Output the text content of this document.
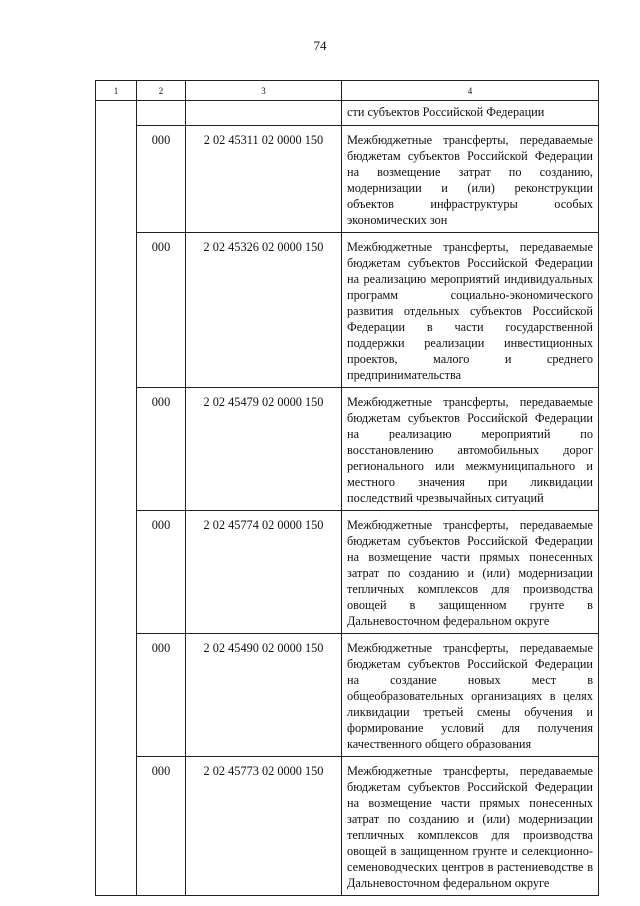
74
1	2	3	4
			сти субъектов Российской Федерации
	000	2 02 45311 02 0000 150	Межбюджетные трансферты, передаваемые бюджетам субъектов Российской Федерации на возмещение затрат по созданию, модернизации и (или) реконструкции объектов инфраструктуры особых экономических зон
	000	2 02 45326 02 0000 150	Межбюджетные трансферты, передаваемые бюджетам субъектов Российской Федерации на реализацию мероприятий индивидуальных программ социально-экономического развития отдельных субъектов Российской Федерации в части государственной поддержки реализации инвестиционных проектов, малого и среднего предпринимательства
	000	2 02 45479 02 0000 150	Межбюджетные трансферты, передаваемые бюджетам субъектов Российской Федерации на реализацию мероприятий по восстановлению автомобильных дорог регионального или межмуниципального и местного значения при ликвидации последствий чрезвычайных ситуаций
	000	2 02 45774 02 0000 150	Межбюджетные трансферты, передаваемые бюджетам субъектов Российской Федерации на возмещение части прямых понесенных затрат по созданию и (или) модернизации тепличных комплексов для производства овощей в защищенном грунте в Дальневосточном федеральном округе
	000	2 02 45490 02 0000 150	Межбюджетные трансферты, передаваемые бюджетам субъектов Российской Федерации на создание новых мест в общеобразовательных организациях в целях ликвидации третьей смены обучения и формирование условий для получения качественного общего образования
	000	2 02 45773 02 0000 150	Межбюджетные трансферты, передаваемые бюджетам субъектов Российской Федерации на возмещение части прямых понесенных затрат по созданию и (или) модернизации тепличных комплексов для производства овощей в защищенном грунте и селекционно-семеноводческих центров в растениеводстве в Дальневосточном федеральном округе
